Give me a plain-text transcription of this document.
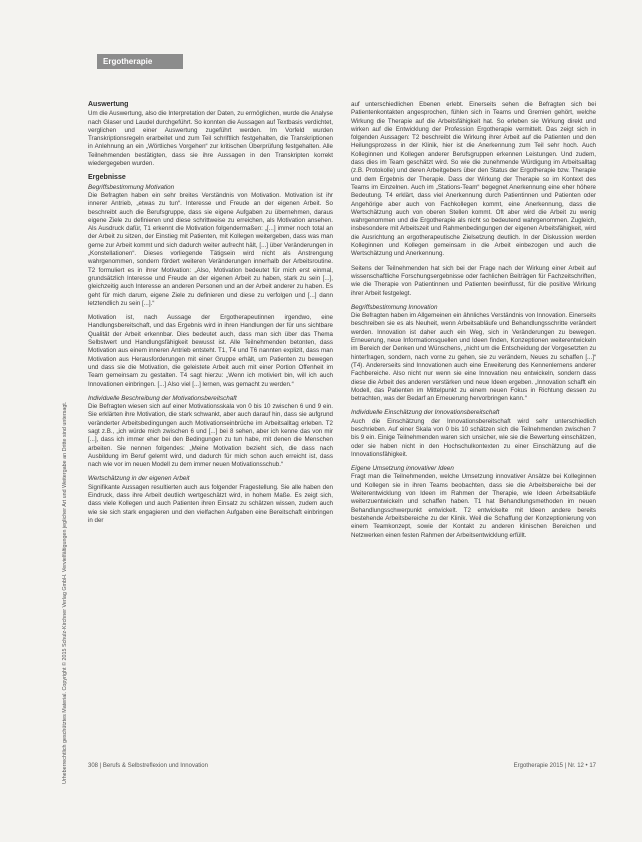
Ergotherapie
Urheberrechtlich geschütztes Material. Copyright © 2015 Schulz-Kirchner Verlag GmbH. Vervielfältigungen jeglicher Art und Weitergabe an Dritte sind untersagt.
Auswertung

Um die Auswertung, also die Interpretation der Daten, zu ermöglichen, wurde die Analyse nach Glaser und Laudel durchgeführt. So konnten die Aussagen auf Textbasis verdichtet, verglichen und einer Auswertung zugeführt werden. Im Vorfeld wurden Transkriptionsregeln erarbeitet und zum Teil schriftlich festgehalten, die Transkriptionen in Anlehnung an ein „Wörtliches Vorgehen“ zur kritischen Überprüfung festgehalten. Alle Teilnehmenden bestätigten, dass sie ihre Aussagen in den Transkripten korrekt wiedergegeben wurden.

Ergebnisse
Begriffsbestimmung Motivation

Die Befragten haben ein sehr breites Verständnis von Motivation. Motivation ist ihr innerer Antrieb, „etwas zu tun“. Interesse und Freude an der eigenen Arbeit. So beschreibt auch die Berufsgruppe, dass sie eigene Aufgaben zu übernehmen, daraus eigene Ziele zu definieren und diese schrittweise zu erreichen, als Motivation ansehen. Als Ausdruck dafür, T1 erkennt die Motivation folgendermaßen: „[...] immer noch total an der Arbeit zu sitzen, der Einstieg mit Patienten, mit Kollegen weitergeben, dass was man gerne zur Arbeit kommt und sich dadurch weiter aufrecht hält, [...] über Veränderungen in „Konstellationen“. Dieses vorliegende Tätigsein wird nicht als Anstrengung wahrgenommen, sondern fördert weiteren Veränderungen innerhalb der Arbeitsroutine. T2 formuliert es in ihrer Motivation: „Also, Motivation bedeutet für mich erst einmal, grundsätzlich Interesse und Freude an der eigenen Arbeit zu haben, stark zu sein [...], gleichzeitig auch Interesse an anderen Personen und an der Arbeit anderer zu haben. Es geht für mich darum, eigene Ziele zu definieren und diese zu verfolgen und [...] dann letztendlich zu sein [...].“

Motivation ist, nach Aussage der Ergotherapeutinnen irgendwo, eine Handlungsbereitschaft, und das Ergebnis wird in ihren Handlungen der für uns sichtbare Qualität der Arbeit erkennbar. Dies bedeutet auch, dass man sich über das Thema Selbstwert und Handlungsfähigkeit bewusst ist. Alle Teilnehmenden betonten, dass Motivation aus einem inneren Antrieb entsteht. T1, T4 und T6 nannten explizit, dass man Motivation aus Herausforderungen mit einer Gruppe erhält, um Patienten zu bewegen und dass sie die Motivation, die geleistete Arbeit auch mit einer Portion Offenheit im Team gemeinsam zu gestalten. T4 sagt hierzu: „Wenn ich motiviert bin, will ich auch Innovationen einbringen. [...] Also viel [...] lernen, was gemacht zu werden.“

Individuelle Beschreibung der Motivationsbereitschaft

Die Befragten wiesen sich auf einer Motivationsskala von 0 bis 10 zwischen 6 und 9 ein. Sie erklärten ihre Motivation, die stark schwankt, aber auch darauf hin, dass sie aufgrund veränderter Arbeitsbedingungen auch Motivationseinbrüche im Arbeitsalltag erleben. T2 sagt z.B., „ich würde mich zwischen 6 und [...] bei 8 sehen, aber ich kenne das von mir [...], dass ich immer eher bei den Bedingungen zu tun habe, mit denen die Menschen arbeiten. Sie nennen folgendes: „Meine Motivation bezieht sich, die dass nach Ausbildung im Beruf gelernt wird, und dadurch für mich schon auch erreicht ist, dass nach wie vor im neuen Modell zu dem immer neuen Motivationsschub.“

Wertschätzung in der eigenen Arbeit

Signifikante Aussagen resultierten auch aus folgender Fragestellung. Sie alle haben den Eindruck, dass ihre Arbeit deutlich wertgeschätzt wird, in hohem Maße. Es zeigt sich, dass viele Kollegen und auch Patienten ihren Einsatz zu schätzen wissen, zudem auch wie sie sich stark engagieren und den vielfachen Aufgaben eine Bereitschaft einbringen in der

auf unterschiedlichen Ebenen erlebt. Einerseits sehen die Befragten sich bei Patientenkontakten angesprochen, fühlen sich in Teams und Gremien gehört, welche Wirkung die Therapie auf die Arbeitsfähigkeit hat. So erleben sie Wirkung direkt und wirken auf die Entwicklung der Profession Ergotherapie vermittelt. Das zeigt sich in folgenden Aussagen: T2 beschreibt die Wirkung ihrer Arbeit auf die Patienten und den Heilungsprozess in der Klinik, hier ist die Anerkennung zum Teil sehr hoch. Auch Kolleginnen und Kollegen anderer Berufsgruppen erkennen Leistungen. Und zudem, dass dies im Team geschätzt wird. So wie die zunehmende Würdigung im Arbeitsalltag (z.B. Protokolle) und deren Arbeitgebers über den Status der Ergotherapie bzw. Therapie und dem Ergebnis der Therapie. Dass der Wirkung der Therapie so im Kontext des Teams im Einzelnen. Auch im „Stations-Team“ begegnet Anerkennung eine eher höhere Bedeutung. T4 erklärt, dass viel Anerkennung durch Patientinnen und Patienten oder Angehörige aber auch von Fachkollegen kommt, eine Anerkennung, dass die Wertschätzung auch von oberen Stellen kommt. Oft aber wird die Arbeit zu wenig wahrgenommen und die Ergotherapie als nicht so bedeutend wahrgenommen. Zugleich, insbesondere mit Arbeitszeit und Rahmenbedingungen der eigenen Arbeitsfähigkeit, wird die Ausrichtung an ergotherapeutische Zielsetzung deutlich. In der Diskussion werden Kolleginnen und Kollegen gemeinsam in die Arbeit einbezogen und auch die Wertschätzung und Anerkennung.

Seitens der Teilnehmenden hat sich bei der Frage nach der Wirkung einer Arbeit auf wissenschaftliche Forschungsergebnisse oder fachlichen Beiträgen für Fachzeitschriften, wie die Therapie von Patientinnen und Patienten beeinflusst, für die positive Wirkung ihrer Arbeit festgelegt.

Begriffsbestimmung Innovation

Die Befragten haben im Allgemeinen ein ähnliches Verständnis von Innovation. Einerseits beschreiben sie es als Neuheit, wenn Arbeitsabläufe und Behandlungsschritte verändert werden. Innovation ist daher auch ein Weg, sich in Veränderungen zu bewegen. Erneuerung, neue Informationsquellen und Ideen finden, Konzeptionen weiterentwickeln im Bereich der Denken und Wünschens, „nicht um die Entscheidung der Vorgesetzten zu hinterfragen, sondern, nach vorne zu gehen, sie zu verändern, Neues zu schaffen [...]“ (T4). Andererseits sind Innovationen auch eine Erweiterung des Kennenlernens anderer Fachbereiche. Also nicht nur wenn sie eine Innovation neu entwickeln, sondern dass diese die Arbeit des anderen verstärken und neue Ideen ergeben. „Innovation schafft ein Modell, das Patienten im Mittelpunkt zu einem neuen Fokus in Richtung dessen zu betrachten, was der Bedarf an Erneuerung hervorbringen kann.“

Individuelle Einschätzung der Innovationsbereitschaft

Auch die Einschätzung der Innovationsbereitschaft wird sehr unterschiedlich beschrieben. Auf einer Skala von 0 bis 10 schätzen sich die Teilnehmenden zwischen 7 bis 9 ein. Einige Teilnehmenden waren sich unsicher, wie sie die Bewertung einschätzen, oder sie haben nicht in den Hochschulkontexten zu einer Einschätzung auf die Innovationsfähigkeit.

Eigene Umsetzung innovativer Ideen

Fragt man die Teilnehmenden, welche Umsetzung innovativer Ansätze bei Kolleginnen und Kollegen sie in ihren Teams beobachten, dass sie die Arbeitsbereiche bei der Weiterentwicklung von Ideen im Rahmen der Therapie, wie Ideen Arbeitsabläufe weiterzuentwickeln und schaffen haben. T1 hat Behandlungsmethoden im neuen Behandlungsschwerpunkt entwickelt. T2 entwickelte mit Ideen andere bereits bestehende Arbeitsbereiche zu der Klinik. Weil die Schaffung der Konzeptionierung von einem Teamkonzept, sowie der Kontakt zu anderen klinischen Bereichen und Netzwerken einen festen Rahmen der Arbeitsentwicklung erfüllt.

308 | Berufs & Selbstreflexion und Innovation	Ergotherapie 2015 | Nr. 12 • 17
